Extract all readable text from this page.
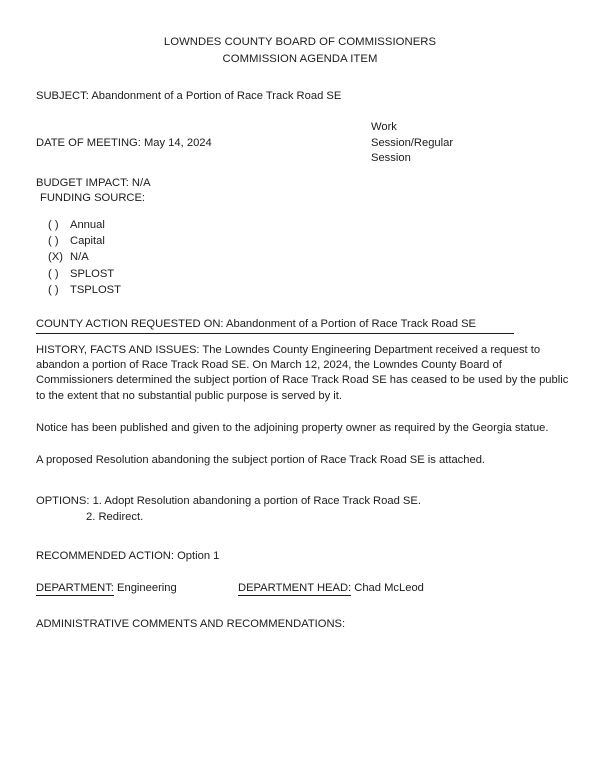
LOWNDES COUNTY BOARD OF COMMISSIONERS
COMMISSION AGENDA ITEM
SUBJECT: Abandonment of a Portion of Race Track Road SE
DATE OF MEETING: May 14, 2024
Work
Session/Regular
Session
BUDGET IMPACT: N/A
FUNDING SOURCE:
( )	Annual
( )	Capital
(X) N/A
( )	SPLOST
( )	TSPLOST
COUNTY ACTION REQUESTED ON: Abandonment of a Portion of Race Track Road SE
HISTORY, FACTS AND ISSUES: The Lowndes County Engineering Department received a request to abandon a portion of Race Track Road SE. On March 12, 2024, the Lowndes County Board of Commissioners determined the subject portion of Race Track Road SE has ceased to be used by the public to the extent that no substantial public purpose is served by it.
Notice has been published and given to the adjoining property owner as required by the Georgia statue.
A proposed Resolution abandoning the subject portion of Race Track Road SE is attached.
OPTIONS: 1. Adopt Resolution abandoning a portion of Race Track Road SE.
2. Redirect.
RECOMMENDED ACTION: Option 1
DEPARTMENT: Engineering	DEPARTMENT HEAD: Chad McLeod
ADMINISTRATIVE COMMENTS AND RECOMMENDATIONS:
